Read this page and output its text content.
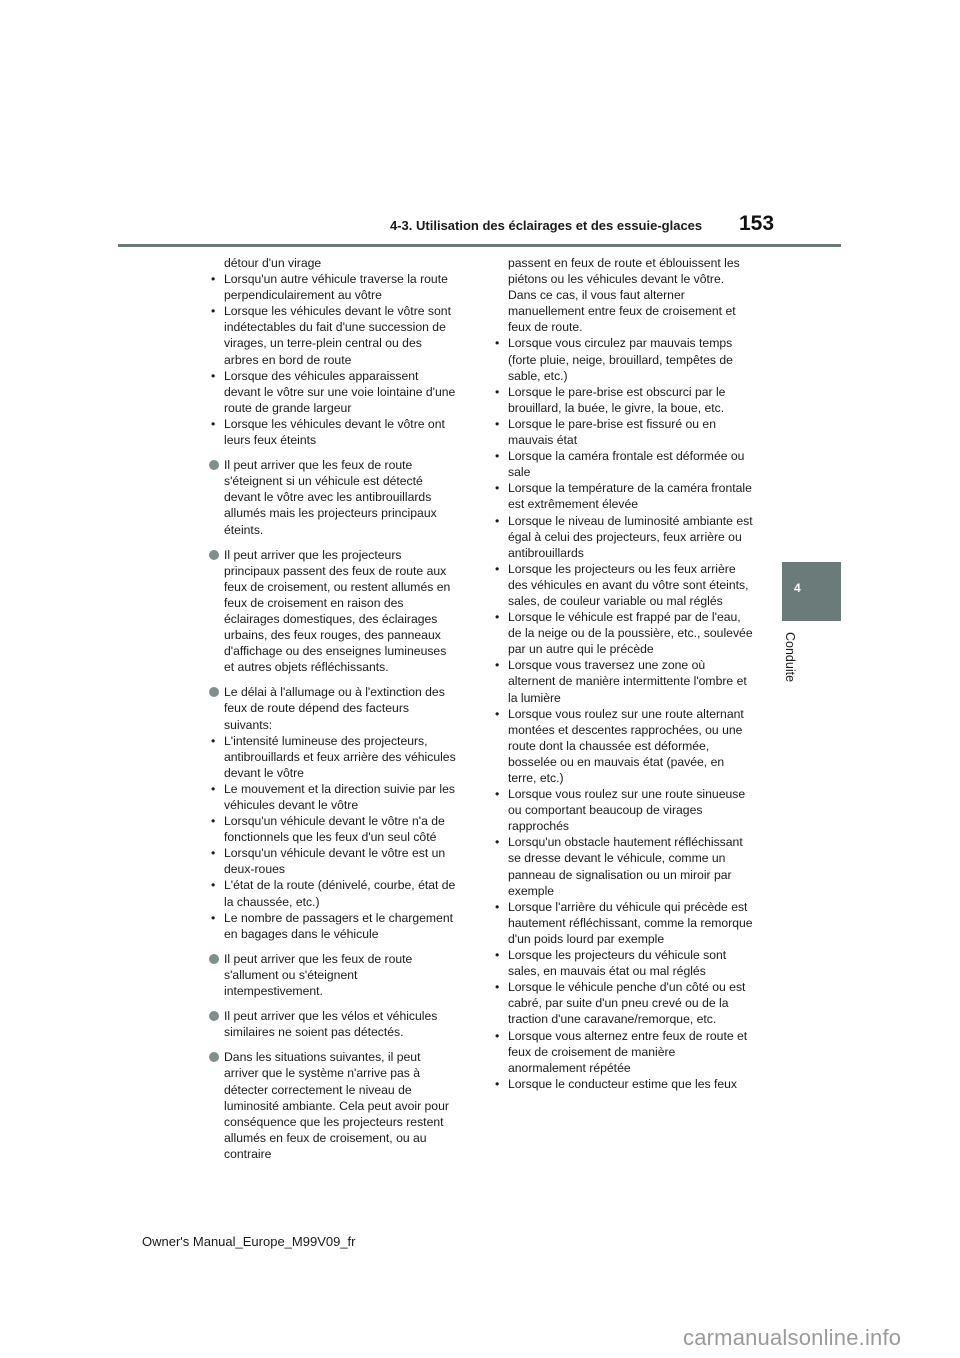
4-3. Utilisation des éclairages et des essuie-glaces 153
4
Conduite

détour d'un virage

• Lorsqu'un autre véhicule traverse la route perpendiculairement au vôtre
• Lorsque les véhicules devant le vôtre sont indétectables du fait d'une succession de virages, un terre-plein central ou des arbres en bord de route
• Lorsque des véhicules apparaissent devant le vôtre sur une voie lointaine d'une route de grande largeur
• Lorsque les véhicules devant le vôtre ont leurs feux éteints
Il peut arriver que les feux de route s'éteignent si un véhicule est détecté devant le vôtre avec les antibrouillards allumés mais les projecteurs principaux éteints.
Il peut arriver que les projecteurs principaux passent des feux de route aux feux de croisement, ou restent allumés en feux de croisement en raison des éclairages domestiques, des éclairages urbains, des feux rouges, des panneaux d'affichage ou des enseignes lumineuses et autres objets réfléchissants.
Le délai à l'allumage ou à l'extinction des feux de route dépend des facteurs suivants:
• L'intensité lumineuse des projecteurs, antibrouillards et feux arrière des véhicules devant le vôtre
• Le mouvement et la direction suivie par les véhicules devant le vôtre
• Lorsqu'un véhicule devant le vôtre n'a de fonctionnels que les feux d'un seul côté
• Lorsqu'un véhicule devant le vôtre est un deux-roues
• L'état de la route (dénivelé, courbe, état de la chaussée, etc.)
• Le nombre de passagers et le chargement en bagages dans le véhicule
Il peut arriver que les feux de route s'allument ou s'éteignent intempestivement.
Il peut arriver que les vélos et véhicules similaires ne soient pas détectés.
Dans les situations suivantes, il peut arriver que le système n'arrive pas à détecter correctement le niveau de luminosité ambiante. Cela peut avoir pour conséquence que les projecteurs restent allumés en feux de croisement, ou au contraire

passent en feux de route et éblouissent les piétons ou les véhicules devant le vôtre. Dans ce cas, il vous faut alterner manuellement entre feux de croisement et feux de route.

• Lorsque vous circulez par mauvais temps (forte pluie, neige, brouillard, tempêtes de sable, etc.)
• Lorsque le pare-brise est obscurci par le brouillard, la buée, le givre, la boue, etc.
• Lorsque le pare-brise est fissuré ou en mauvais état
• Lorsque la caméra frontale est déformée ou sale
• Lorsque la température de la caméra frontale est extrêmement élevée
• Lorsque le niveau de luminosité ambiante est égal à celui des projecteurs, feux arrière ou antibrouillards
• Lorsque les projecteurs ou les feux arrière des véhicules en avant du vôtre sont éteints, sales, de couleur variable ou mal réglés
• Lorsque le véhicule est frappé par de l'eau, de la neige ou de la poussière, etc., soulevée par un autre qui le précède
• Lorsque vous traversez une zone où alternent de manière intermittente l'ombre et la lumière
• Lorsque vous roulez sur une route alternant montées et descentes rapprochées, ou une route dont la chaussée est déformée, bosselée ou en mauvais état (pavée, en terre, etc.)
• Lorsque vous roulez sur une route sinueuse ou comportant beaucoup de virages rapprochés
• Lorsqu'un obstacle hautement réfléchissant se dresse devant le véhicule, comme un panneau de signalisation ou un miroir par exemple
• Lorsque l'arrière du véhicule qui précède est hautement réfléchissant, comme la remorque d'un poids lourd par exemple
• Lorsque les projecteurs du véhicule sont sales, en mauvais état ou mal réglés
• Lorsque le véhicule penche d'un côté ou est cabré, par suite d'un pneu crevé ou de la traction d'une caravane/remorque, etc.
• Lorsque vous alternez entre feux de route et feux de croisement de manière anormalement répétée
• Lorsque le conducteur estime que les feux
Owner's Manual_Europe_M99V09_fr
carmanualsonline.info
